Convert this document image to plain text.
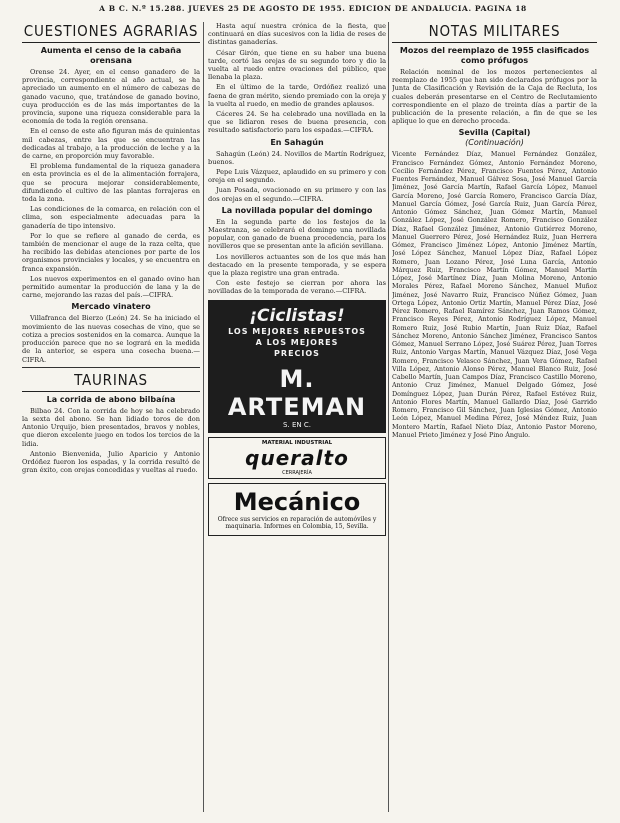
A B C. N.º 15.288. JUEVES 25 DE AGOSTO DE 1955. EDICION DE ANDALUCIA. PAGINA 18
CUESTIONES AGRARIAS
Aumenta el censo de la cabaña orensana

Orense 24. Ayer, en el censo ganadero de la provincia, correspondiente al año actual, se ha apreciado un aumento en el número de cabezas de ganado vacuno, que, tratándose de ganado bovino, cuya producción es de las más importantes de la provincia, supone una riqueza considerable para la economía de toda la región orensana.

En el censo de este año figuran más de quinientas mil cabezas, entre las que se encuentran las dedicadas al trabajo, a la producción de leche y a la de carne, en proporción muy favorable.

El problema fundamental de la riqueza ganadera en esta provincia es el de la alimentación forrajera, que se procura mejorar considerablemente, difundiendo el cultivo de las plantas forrajeras en toda la zona.

Las condiciones de la comarca, en relación con el clima, son especialmente adecuadas para la ganadería de tipo intensivo.

Por lo que se refiere al ganado de cerda, es también de mencionar el auge de la raza celta, que ha recibido las debidas atenciones por parte de los organismos provinciales y locales, y se encuentra en franca expansión.

Los nuevos experimentos en el ganado ovino han permitido aumentar la producción de lana y la de carne, mejorando las razas del país.—CIFRA.

Mercado vinatero

Villafranca del Bierzo (León) 24. Se ha iniciado el movimiento de las nuevas cosechas de vino, que se cotiza a precios sostenidos en la comarca. Aunque la producción parece que no se logrará en la medida de la anterior, se espera una cosecha buena.—CIFRA.

TAURINAS
La corrida de abono bilbaína

Bilbao 24. Con la corrida de hoy se ha celebrado la sexta del abono. Se han lidiado toros de don Antonio Urquijo, bien presentados, bravos y nobles, que dieron excelente juego en todos los tercios de la lidia.

Antonio Bienvenida, Julio Aparicio y Antonio Ordóñez fueron los espadas, y la corrida resultó de gran éxito, con orejas concedidas y vueltas al ruedo.

Hasta aquí nuestra crónica de la fiesta, que continuará en días sucesivos con la lidia de reses de distintas ganaderías.

César Girón, que tiene en su haber una buena tarde, cortó las orejas de su segundo toro y dio la vuelta al ruedo entre ovaciones del público, que llenaba la plaza.

En el último de la tarde, Ordóñez realizó una faena de gran mérito, siendo premiado con la oreja y la vuelta al ruedo, en medio de grandes aplausos.

Cáceres 24. Se ha celebrado una novillada en la que se lidiaron reses de buena presencia, con resultado satisfactorio para los espadas.—CIFRA.

En Sahagún

Sahagún (León) 24. Novillos de Martín Rodríguez, buenos.

Pepe Luis Vázquez, aplaudido en su primero y con oreja en el segundo.

Juan Posada, ovacionado en su primero y con las dos orejas en el segundo.—CIFRA.

La novillada popular del domingo

En la segunda parte de los festejos de la Maestranza, se celebrará el domingo una novillada popular, con ganado de buena procedencia, para los novilleros que se presentan ante la afición sevillana.

Los novilleros actuantes son de los que más han destacado en la presente temporada, y se espera que la plaza registre una gran entrada.

Con este festejo se cierran por ahora las novilladas de la temporada de verano.—CIFRA.

¡Ciclistas!
LOS MEJORES REPUESTOS
A LOS MEJORES
PRECIOS
M. ARTEMAN
S. EN C.
MATERIAL INDUSTRIAL
queralto
CERRAJERÍA
Mecánico
Ofrece sus servicios en reparación de automóviles y maquinaria. Informes en Colombia, 15, Sevilla.
NOTAS MILITARES
Mozos del reemplazo de 1955 clasificados como prófugos

Relación nominal de los mozos pertenecientes al reemplazo de 1955 que han sido declarados prófugos por la Junta de Clasificación y Revisión de la Caja de Recluta, los cuales deberán presentarse en el Centro de Reclutamiento correspondiente en el plazo de treinta días a partir de la publicación de la presente relación, a fin de que se les aplique lo que en derecho proceda.

Sevilla (Capital)
(Continuación)

Vicente Fernández Díaz, Manuel Fernández González, Francisco Fernández Gómez, Antonio Fernández Moreno, Cecilio Fernández Pérez, Francisco Fuentes Pérez, Antonio Fuentes Fernández, Manuel Gálvez Sosa, José Manuel García Jiménez, José García Martín, Rafael García López, Manuel García Moreno, José García Romero, Francisco García Díaz, Manuel García Gómez, José García Ruiz, Juan García Pérez, Antonio Gómez Sánchez, Juan Gómez Martín, Manuel González López, José González Romero, Francisco González Díaz, Rafael González Jiménez, Antonio Gutiérrez Moreno, Manuel Guerrero Pérez, José Hernández Ruiz, Juan Herrera Gómez, Francisco Jiménez López, Antonio Jiménez Martín, José López Sánchez, Manuel López Díaz, Rafael López Romero, Juan Lozano Pérez, José Luna García, Antonio Márquez Ruiz, Francisco Martín Gómez, Manuel Martín López, José Martínez Díaz, Juan Molina Moreno, Antonio Morales Pérez, Rafael Moreno Sánchez, Manuel Muñoz Jiménez, José Navarro Ruiz, Francisco Núñez Gómez, Juan Ortega López, Antonio Ortiz Martín, Manuel Pérez Díaz, José Pérez Romero, Rafael Ramírez Sánchez, Juan Ramos Gómez, Francisco Reyes Pérez, Antonio Rodríguez López, Manuel Romero Ruiz, José Rubio Martín, Juan Ruiz Díaz, Rafael Sánchez Moreno, Antonio Sánchez Jiménez, Francisco Santos Gómez, Manuel Serrano López, José Suárez Pérez, Juan Torres Ruiz, Antonio Vargas Martín, Manuel Vázquez Díaz, José Vega Romero, Francisco Velasco Sánchez, Juan Vera Gómez, Rafael Villa López, Antonio Alonso Pérez, Manuel Blanco Ruiz, José Cabello Martín, Juan Campos Díaz, Francisco Castillo Moreno, Antonio Cruz Jiménez, Manuel Delgado Gómez, José Domínguez López, Juan Durán Pérez, Rafael Estévez Ruiz, Antonio Flores Martín, Manuel Gallardo Díaz, José Garrido Romero, Francisco Gil Sánchez, Juan Iglesias Gómez, Antonio León López, Manuel Medina Pérez, José Méndez Ruiz, Juan Montero Martín, Rafael Nieto Díaz, Antonio Pastor Moreno, Manuel Prieto Jiménez y José Pino Ángulo.
